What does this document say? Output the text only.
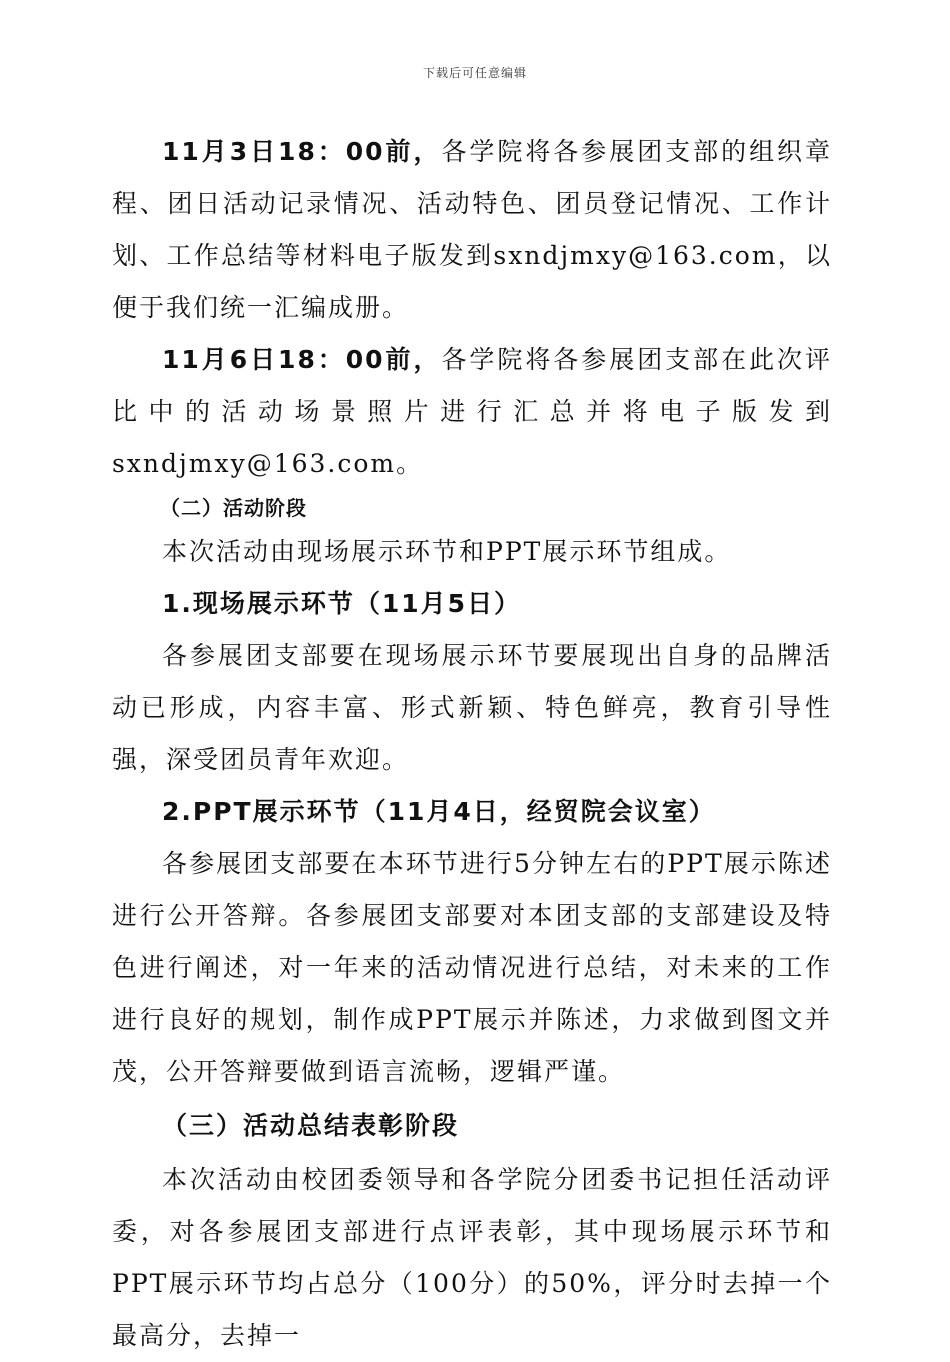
下载后可任意编辑

11月3日18：00前，各学院将各参展团支部的组织章程、团日活动记录情况、活动特色、团员登记情况、工作计划、工作总结等材料电子版发到sxndjmxy@163.com，以便于我们统一汇编成册。

11月6日18：00前，各学院将各参展团支部在此次评比中的活动场景照片进行汇总并将电子版发到sxndjmxy@163.com。

（二）活动阶段

本次活动由现场展示环节和PPT展示环节组成。

1.现场展示环节（11月5日）

各参展团支部要在现场展示环节要展现出自身的品牌活动已形成，内容丰富、形式新颖、特色鲜亮，教育引导性强，深受团员青年欢迎。

2.PPT展示环节（11月4日，经贸院会议室）

各参展团支部要在本环节进行5分钟左右的PPT展示陈述进行公开答辩。各参展团支部要对本团支部的支部建设及特色进行阐述，对一年来的活动情况进行总结，对未来的工作进行良好的规划，制作成PPT展示并陈述，力求做到图文并茂，公开答辩要做到语言流畅，逻辑严谨。

（三）活动总结表彰阶段

本次活动由校团委领导和各学院分团委书记担任活动评委，对各参展团支部进行点评表彰，其中现场展示环节和PPT展示环节均占总分（100分）的50%，评分时去掉一个最高分，去掉一
